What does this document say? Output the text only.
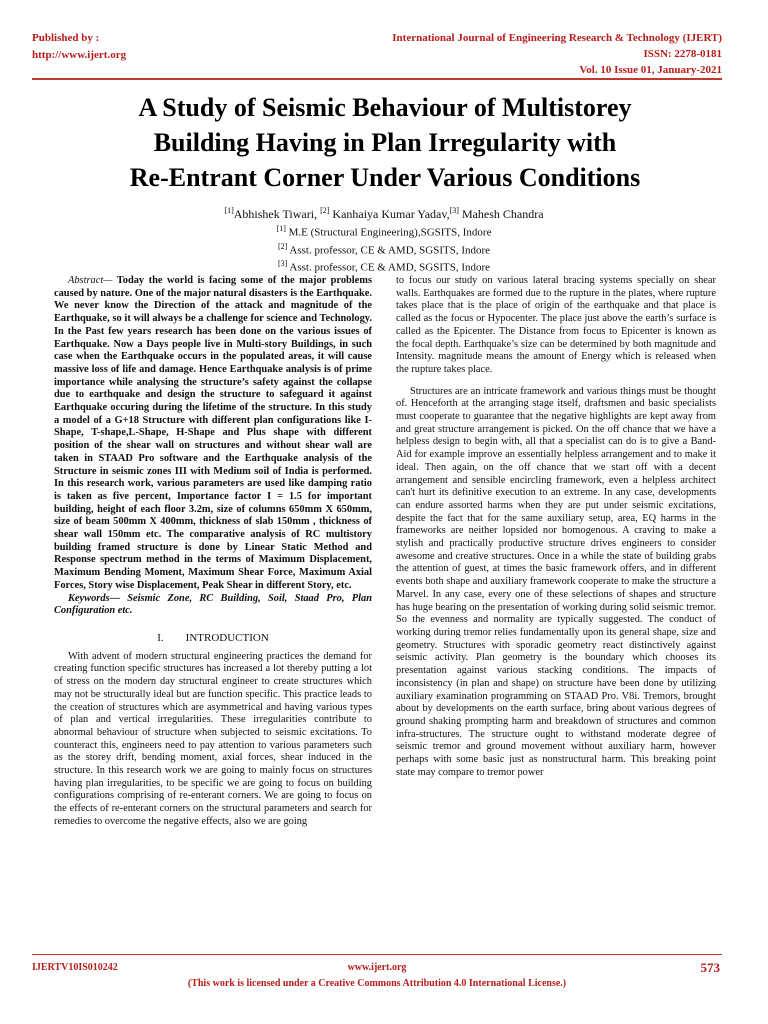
Published by :
http://www.ijert.org
International Journal of Engineering Research & Technology (IJERT)
ISSN: 2278-0181
Vol. 10 Issue 01, January-2021
A Study of Seismic Behaviour of Multistorey
Building Having in Plan Irregularity with
Re-Entrant Corner Under Various Conditions
[1]Abhishek Tiwari, [2] Kanhaiya Kumar Yadav,[3] Mahesh Chandra
[1] M.E (Structural Engineering),SGSITS, Indore
[2] Asst. professor, CE & AMD, SGSITS, Indore
[3] Asst. professor, CE & AMD, SGSITS, Indore

Abstract— Today the world is facing some of the major problems caused by nature. One of the major natural disasters is the Earthquake. We never know the Direction of the attack and magnitude of the Earthquake, so it will always be a challenge for science and Technology. In the Past few years research has been done on the various issues of Earthquake. Now a Days people live in Multi-story Buildings, in such case when the Earthquake occurs in the populated areas, it will cause massive loss of life and damage. Hence Earthquake analysis is of prime importance while analysing the structure’s safety against the collapse due to earthquake and design the structure to safeguard it against Earthquake occuring during the lifetime of the structure. In this study a model of a G+18 Structure with different plan configurations like I-Shape, T-shape,L-Shape, H-Shape and Plus shape with different position of the shear wall on structures and without shear wall are taken in STAAD Pro software and the Earthquake analysis of the Structure in seismic zones III with Medium soil of India is performed. In this research work, various parameters are used like damping ratio is taken as five percent, Importance factor I = 1.5 for important building, height of each floor 3.2m, size of columns 650mm X 650mm, size of beam 500mm X 400mm, thickness of slab 150mm , thickness of shear wall 150mm etc. The comparative analysis of RC multistory building framed structure is done by Linear Static Method and Response spectrum method in the terms of Maximum Displacement, Maximum Bending Moment, Maximum Shear Force, Maximum Axial Forces, Story wise Displacement, Peak Shear in different Story, etc.

Keywords— Seismic Zone, RC Building, Soil, Staad Pro, Plan Configuration etc.

I. INTRODUCTION

With advent of modern structural engineering practices the demand for creating function specific structures has increased a lot thereby putting a lot of stress on the modern day structural engineer to create structures which may not be structurally ideal but are function specific. This practice leads to the creation of structures which are asymmetrical and having various types of plan and vertical irregularities. These irregularities contribute to abnormal behaviour of structure when subjected to seismic excitations. To counteract this, engineers need to pay attention to various parameters such as the storey drift, bending moment, axial forces, shear induced in the structure. In this research work we are going to mainly focus on structures having plan irregularities, to be specific we are going to focus on building configurations comprising of re-enterant corners. We are going to focus on the effects of re-enterant corners on the structural parameters and search for remedies to overcome the negative effects, also we are going

to focus our study on various lateral bracing systems specially on shear walls. Earthquakes are formed due to the rupture in the plates, where rupture takes place that is the place of origin of the earthquake and that place is called as the focus or Hypocenter. The place just above the earth’s surface is called as the Epicenter. The Distance from focus to Epicenter is known as the focal depth. Earthquake’s size can be determined by both magnitude and Intensity. magnitude means the amount of Energy which is released when the rupture takes place.

Structures are an intricate framework and various things must be thought of. Henceforth at the arranging stage itself, draftsmen and basic specialists must cooperate to guarantee that the negative highlights are kept away from and great structure arrangement is picked. On the off chance that we have a helpless design to begin with, all that a specialist can do is to give a Band-Aid for example improve an essentially helpless arrangement and to make it ideal. Then again, on the off chance that we start off with a decent arrangement and sensible encircling framework, even a helpless architect can't hurt its definitive execution to an extreme. In any case, developments can endure assorted harms when they are put under seismic excitations, despite the fact that for the same auxiliary setup, area, EQ harms in the frameworks are neither lopsided nor homogenous. A craving to make a stylish and practically productive structure drives engineers to consider awesome and creative structures. Once in a while the state of building grabs the attention of guest, at times the basic framework offers, and in different events both shape and auxiliary framework cooperate to make the structure a Marvel. In any case, every one of these selections of shapes and structure has huge bearing on the presentation of working during solid seismic tremor. So the evenness and normality are typically suggested. The conduct of working during tremor relies fundamentally upon its general shape, size and geometry. Structures with sporadic geometry react distinctively against seismic activity. Plan geometry is the boundary which chooses its presentation against various stacking conditions. The impacts of inconsistency (in plan and shape) on structure have been done by utilizing auxiliary examination programming on STAAD Pro. V8i. Tremors, brought about by developments on the earth surface, bring about various degrees of ground shaking prompting harm and breakdown of structures and common infra-structures. The structure ought to withstand moderate degree of seismic tremor and ground movement without auxiliary harm, however perhaps with some basic just as nonstructural harm. This breaking point state may compare to tremor power

IJERTV10IS010242	www.ijert.org	573
(This work is licensed under a Creative Commons Attribution 4.0 International License.)
